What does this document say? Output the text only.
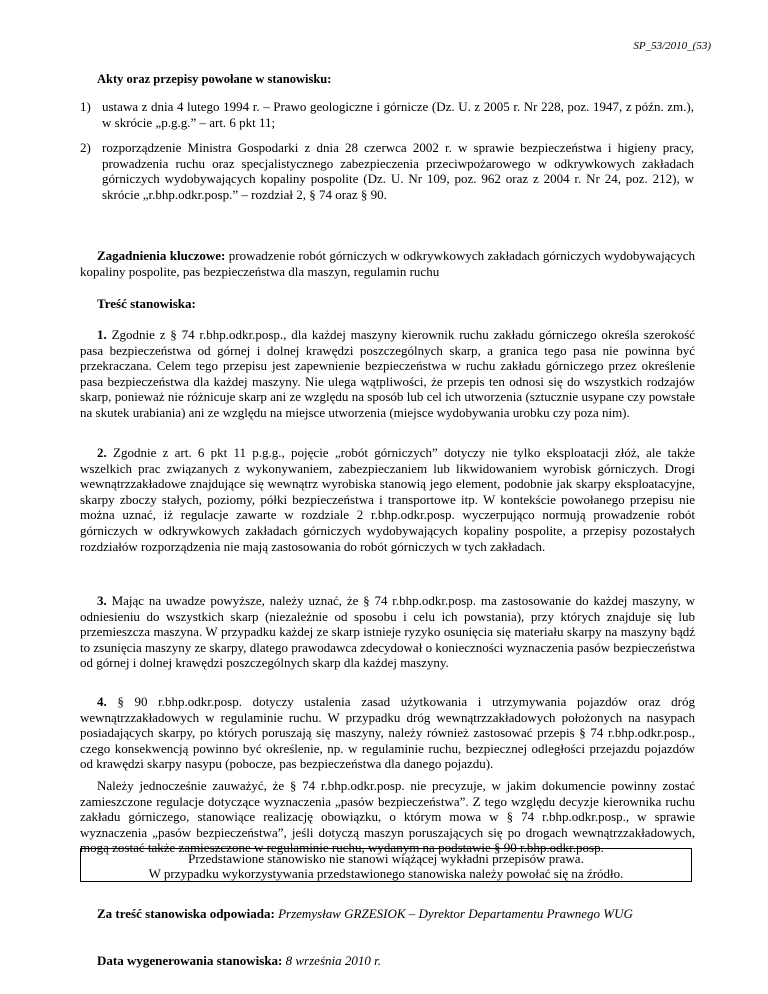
SP_53/2010_(53)
Akty oraz przepisy powołane w stanowisku:
1) ustawa z dnia 4 lutego 1994 r. – Prawo geologiczne i górnicze (Dz. U. z 2005 r. Nr 228, poz. 1947, z późn. zm.), w skrócie „p.g.g.” – art. 6 pkt 11;
2) rozporządzenie Ministra Gospodarki z dnia 28 czerwca 2002 r. w sprawie bezpieczeństwa i higieny pracy, prowadzenia ruchu oraz specjalistycznego zabezpieczenia przeciwpożarowego w odkrywkowych zakładach górniczych wydobywających kopaliny pospolite (Dz. U. Nr 109, poz. 962 oraz z 2004 r. Nr 24, poz. 212), w skrócie „r.bhp.odkr.posp.” – rozdział 2, § 74 oraz § 90.
Zagadnienia kluczowe: prowadzenie robót górniczych w odkrywkowych zakładach górniczych wydobywających kopaliny pospolite, pas bezpieczeństwa dla maszyn, regulamin ruchu
Treść stanowiska:
1. Zgodnie z § 74 r.bhp.odkr.posp., dla każdej maszyny kierownik ruchu zakładu górniczego określa szerokość pasa bezpieczeństwa od górnej i dolnej krawędzi poszczególnych skarp, a granica tego pasa nie powinna być przekraczana. Celem tego przepisu jest zapewnienie bezpieczeństwa w ruchu zakładu górniczego przez określenie pasa bezpieczeństwa dla każdej maszyny. Nie ulega wątpliwości, że przepis ten odnosi się do wszystkich rodzajów skarp, ponieważ nie różnicuje skarp ani ze względu na sposób lub cel ich utworzenia (sztucznie usypane czy powstałe na skutek urabiania) ani ze względu na miejsce utworzenia (miejsce wydobywania urobku czy poza nim).
2. Zgodnie z art. 6 pkt 11 p.g.g., pojęcie „robót górniczych” dotyczy nie tylko eksploatacji złóż, ale także wszelkich prac związanych z wykonywaniem, zabezpieczaniem lub likwidowaniem wyrobisk górniczych. Drogi wewnątrzzakładowe znajdujące się wewnątrz wyrobiska stanowią jego element, podobnie jak skarpy eksploatacyjne, skarpy zboczy stałych, poziomy, półki bezpieczeństwa i transportowe itp. W kontekście powołanego przepisu nie można uznać, iż regulacje zawarte w rozdziale 2 r.bhp.odkr.posp. wyczerpująco normują prowadzenie robót górniczych w odkrywkowych zakładach górniczych wydobywających kopaliny pospolite, a przepisy pozostałych rozdziałów rozporządzenia nie mają zastosowania do robót górniczych w tych zakładach.
3. Mając na uwadze powyższe, należy uznać, że § 74 r.bhp.odkr.posp. ma zastosowanie do każdej maszyny, w odniesieniu do wszystkich skarp (niezależnie od sposobu i celu ich powstania), przy których znajduje się lub przemieszcza maszyna. W przypadku każdej ze skarp istnieje ryzyko osunięcia się materiału skarpy na maszyny bądź to zsunięcia maszyny ze skarpy, dlatego prawodawca zdecydował o konieczności wyznaczenia pasów bezpieczeństwa od górnej i dolnej krawędzi poszczególnych skarp dla każdej maszyny.
4. § 90 r.bhp.odkr.posp. dotyczy ustalenia zasad użytkowania i utrzymywania pojazdów oraz dróg wewnątrzzakładowych w regulaminie ruchu. W przypadku dróg wewnątrzzakładowych położonych na nasypach posiadających skarpy, po których poruszają się maszyny, należy również zastosować przepis § 74 r.bhp.odkr.posp., czego konsekwencją powinno być określenie, np. w regulaminie ruchu, bezpiecznej odległości przejazdu pojazdów od krawędzi skarpy nasypu (pobocze, pas bezpieczeństwa dla danego pojazdu).
Należy jednocześnie zauważyć, że § 74 r.bhp.odkr.posp. nie precyzuje, w jakim dokumencie powinny zostać zamieszczone regulacje dotyczące wyznaczenia „pasów bezpieczeństwa”. Z tego względu decyzje kierownika ruchu zakładu górniczego, stanowiące realizację obowiązku, o którym mowa w § 74 r.bhp.odkr.posp., w sprawie wyznaczenia „pasów bezpieczeństwa”, jeśli dotyczą maszyn poruszających się po drogach wewnątrzzakładowych, mogą zostać także zamieszczone w regulaminie ruchu, wydanym na podstawie § 90 r.bhp.odkr.posp.
Przedstawione stanowisko nie stanowi wiążącej wykładni przepisów prawa.
W przypadku wykorzystywania przedstawionego stanowiska należy powołać się na źródło.
Za treść stanowiska odpowiada: Przemysław GRZESIOK – Dyrektor Departamentu Prawnego WUG
Data wygenerowania stanowiska: 8 września 2010 r.
